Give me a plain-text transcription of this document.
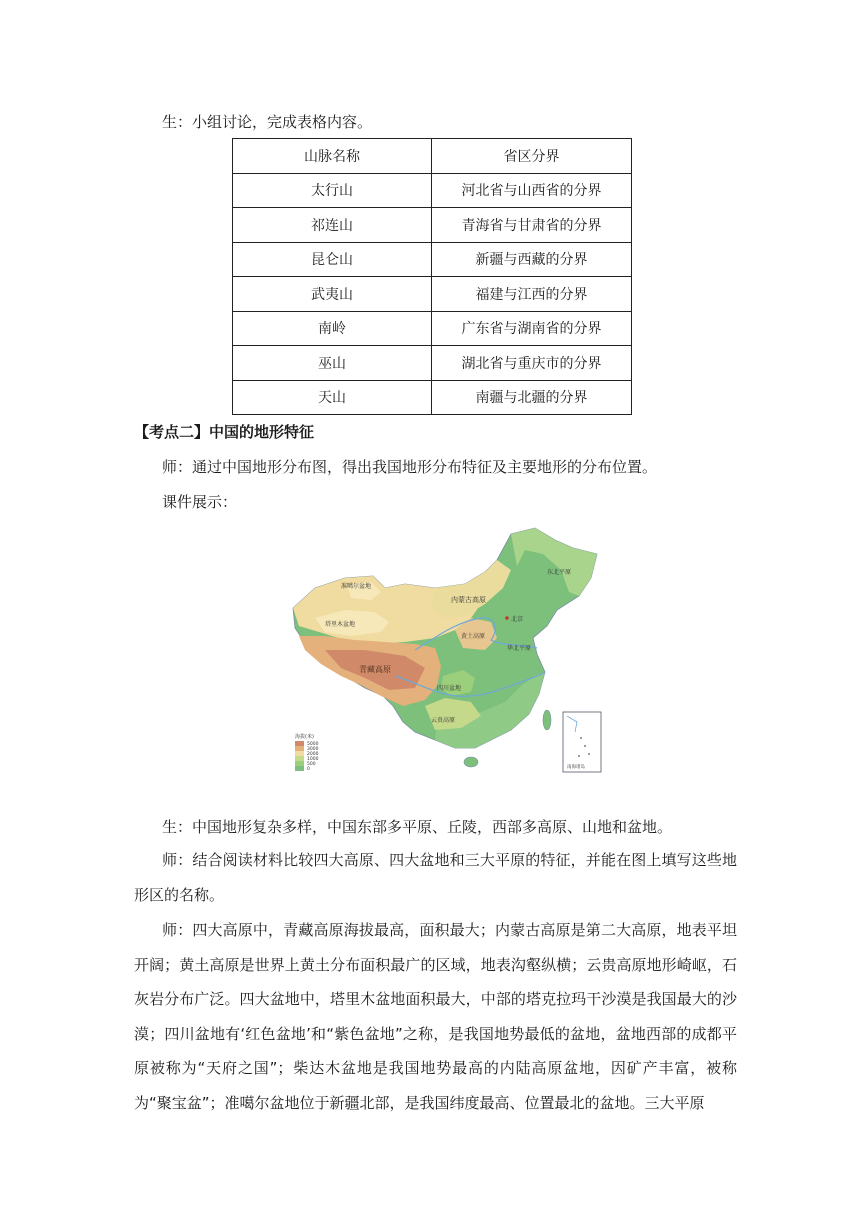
生：小组讨论，完成表格内容。
山脉名称	省区分界
太行山	河北省与山西省的分界
祁连山	青海省与甘肃省的分界
昆仑山	新疆与西藏的分界
武夷山	福建与江西的分界
南岭	广东省与湖南省的分界
巫山	湖北省与重庆市的分界
天山	南疆与北疆的分界
【考点二】中国的地形特征
师：通过中国地形分布图，得出我国地形分布特征及主要地形的分布位置。
课件展示：
准噶尔盆地
塔里木盆地
青藏高原
内蒙古高原
黄土高原
四川盆地
云贵高原
东北平原
华北平原
北京
海拔(米)
5000
3000
2000
1000
500
0	南海诸岛
生：中国地形复杂多样，中国东部多平原、丘陵，西部多高原、山地和盆地。
师：结合阅读材料比较四大高原、四大盆地和三大平原的特征，并能在图上填写这些地形区的名称。
师：四大高原中，青藏高原海拔最高，面积最大；内蒙古高原是第二大高原，地表平坦开阔；黄土高原是世界上黄土分布面积最广的区域，地表沟壑纵横；云贵高原地形崎岖，石灰岩分布广泛。四大盆地中，塔里木盆地面积最大，中部的塔克拉玛干沙漠是我国最大的沙漠；四川盆地有‘红色盆地’和“紫色盆地”之称，是我国地势最低的盆地，盆地西部的成都平原被称为“天府之国”；柴达木盆地是我国地势最高的内陆高原盆地，因矿产丰富，被称为“聚宝盆”；准噶尔盆地位于新疆北部，是我国纬度最高、位置最北的盆地。三大平原
